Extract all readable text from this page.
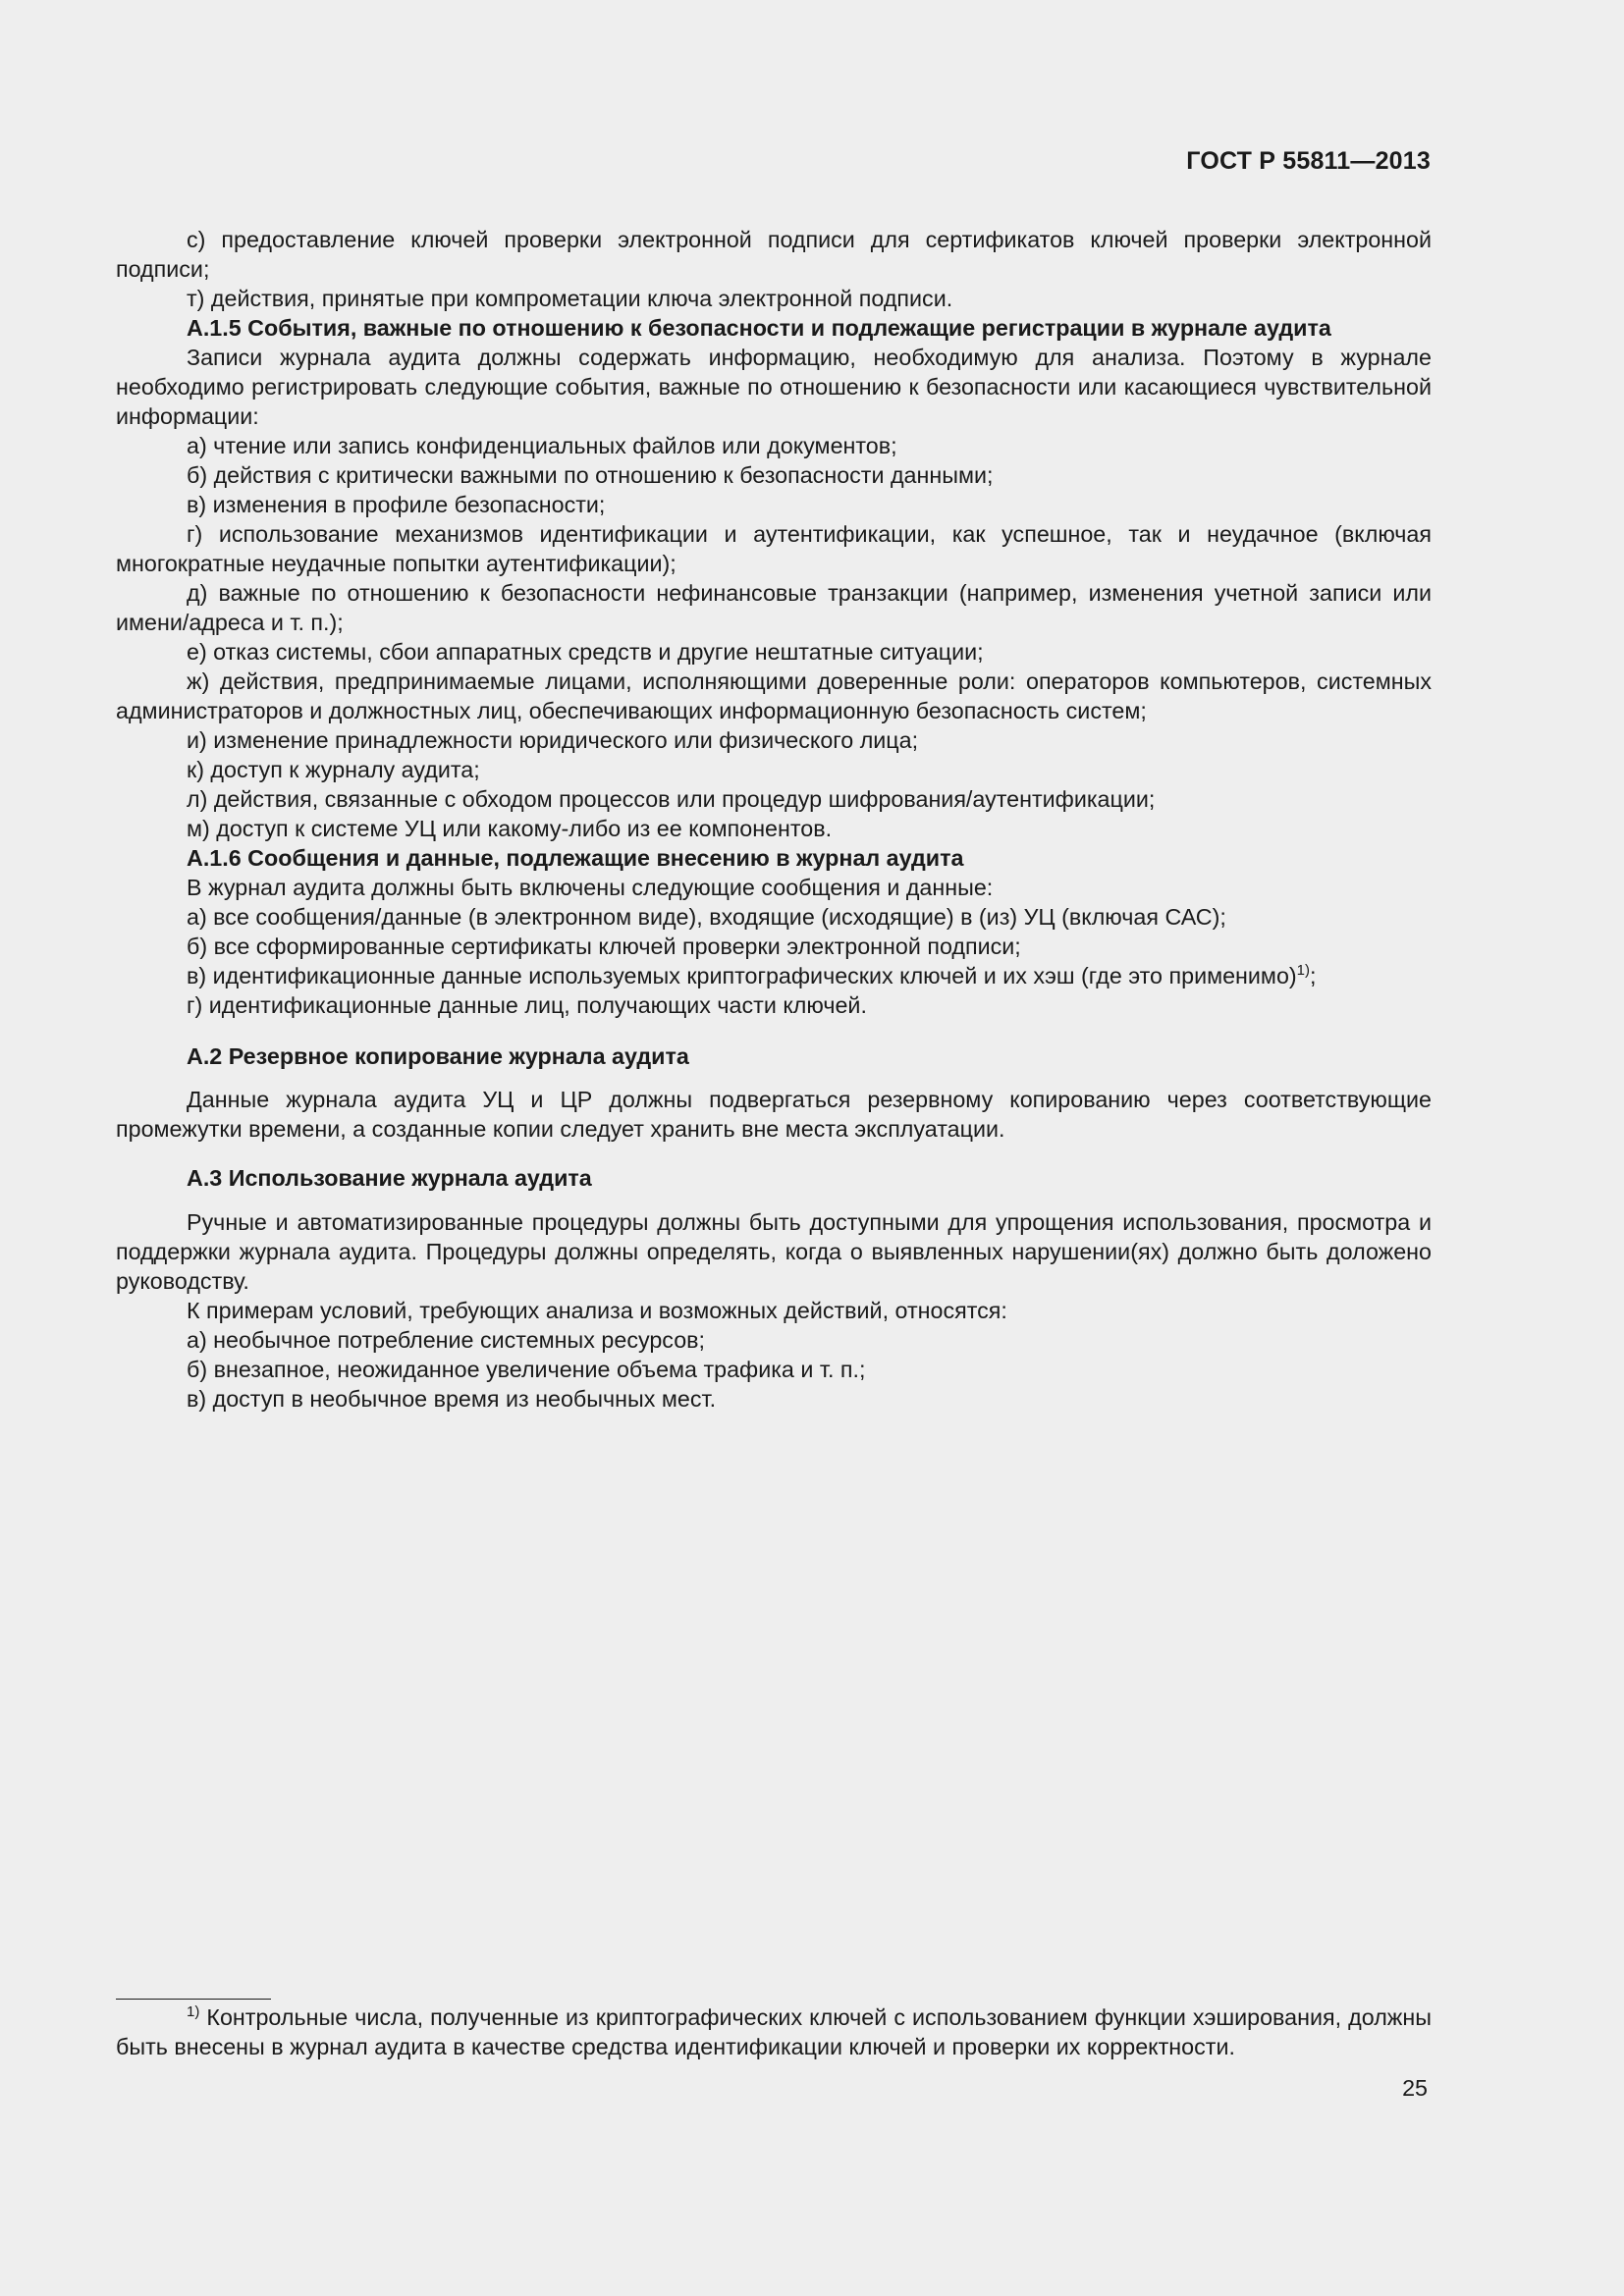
ГОСТ Р 55811—2013

с) предоставление ключей проверки электронной подписи для сертификатов ключей проверки электронной подписи;

т) действия, принятые при компрометации ключа электронной подписи.

А.1.5 События, важные по отношению к безопасности и подлежащие регистрации в журнале аудита

Записи журнала аудита должны содержать информацию, необходимую для анализа. Поэтому в журнале необходимо регистрировать следующие события, важные по отношению к безопасности или касающиеся чувствительной информации:

а) чтение или запись конфиденциальных файлов или документов;

б) действия с критически важными по отношению к безопасности данными;

в) изменения в профиле безопасности;

г) использование механизмов идентификации и аутентификации, как успешное, так и неудачное (включая многократные неудачные попытки аутентификации);

д) важные по отношению к безопасности нефинансовые транзакции (например, изменения учетной записи или имени/адреса и т. п.);

е) отказ системы, сбои аппаратных средств и другие нештатные ситуации;

ж) действия, предпринимаемые лицами, исполняющими доверенные роли: операторов компьютеров, системных администраторов и должностных лиц, обеспечивающих информационную безопасность систем;

и) изменение принадлежности юридического или физического лица;

к) доступ к журналу аудита;

л) действия, связанные с обходом процессов или процедур шифрования/аутентификации;

м) доступ к системе УЦ или какому-либо из ее компонентов.

А.1.6 Сообщения и данные, подлежащие внесению в журнал аудита

В журнал аудита должны быть включены следующие сообщения и данные:

а) все сообщения/данные (в электронном виде), входящие (исходящие) в (из) УЦ (включая САС);

б) все сформированные сертификаты ключей проверки электронной подписи;

в) идентификационные данные используемых криптографических ключей и их хэш (где это применимо)$^{1)}$;

г) идентификационные данные лиц, получающих части ключей.

А.2 Резервное копирование журнала аудита

Данные журнала аудита УЦ и ЦР должны подвергаться резервному копированию через соответствующие промежутки времени, а созданные копии следует хранить вне места эксплуатации.

А.3 Использование журнала аудита

Ручные и автоматизированные процедуры должны быть доступными для упрощения использования, просмотра и поддержки журнала аудита. Процедуры должны определять, когда о выявленных нарушении(ях) должно быть доложено руководству.

К примерам условий, требующих анализа и возможных действий, относятся:

а) необычное потребление системных ресурсов;

б) внезапное, неожиданное увеличение объема трафика и т. п.;

в) доступ в необычное время из необычных мест.

$^{1)}$ Контрольные числа, полученные из криптографических ключей с использованием функции хэширования, должны быть внесены в журнал аудита в качестве средства идентификации ключей и проверки их корректности.

25
